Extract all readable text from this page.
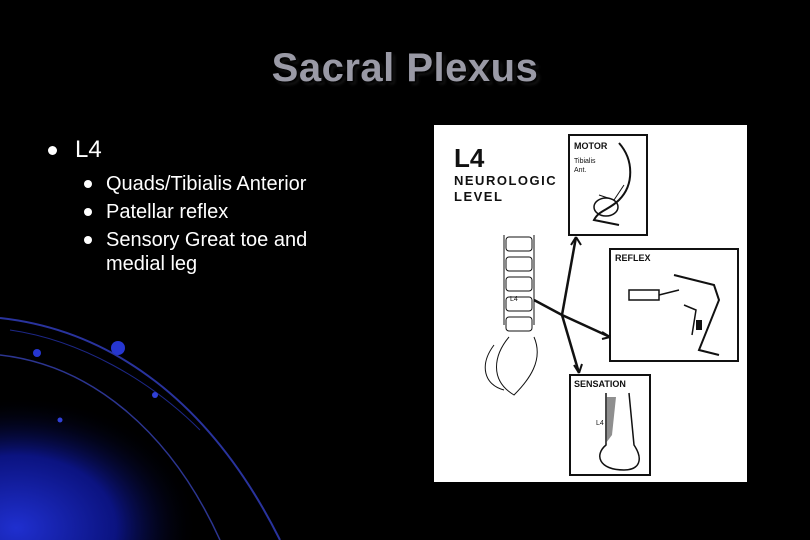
Sacral Plexus
L4
Quads/Tibialis Anterior
Patellar reflex
Sensory Great toe and medial leg
L4
NEUROLOGIC
LEVEL
MOTOR
Tibialis
Ant.
REFLEX
SENSATION
L4
L4
